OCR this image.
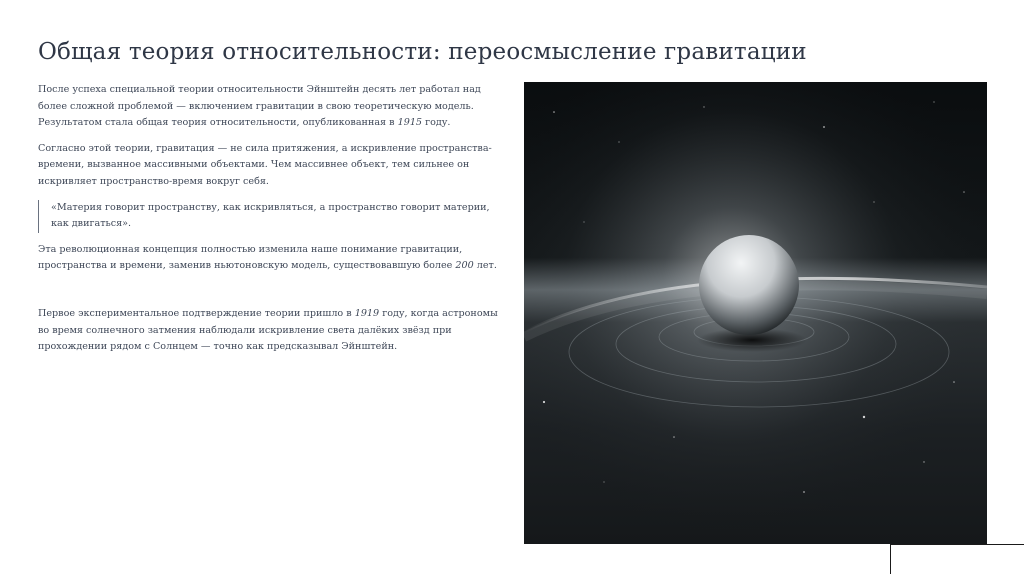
Общая теория относительности: переосмысление гравитации

После успеха специальной теории относительности Эйнштейн десять лет работал над более сложной проблемой — включением гравитации в свою теоретическую модель. Результатом стала общая теория относительности, опубликованная в 1915 году.

Согласно этой теории, гравитация — не сила притяжения, а искривление пространства-времени, вызванное массивными объектами. Чем массивнее объект, тем сильнее он искривляет пространство-время вокруг себя.

«Материя говорит пространству, как искривляться, а пространство говорит материи, как двигаться».

Эта революционная концепция полностью изменила наше понимание гравитации, пространства и времени, заменив ньютоновскую модель, существовавшую более 200 лет.

Первое экспериментальное подтверждение теории пришло в 1919 году, когда астрономы во время солнечного затмения наблюдали искривление света далёких звёзд при прохождении рядом с Солнцем — точно как предсказывал Эйнштейн.
